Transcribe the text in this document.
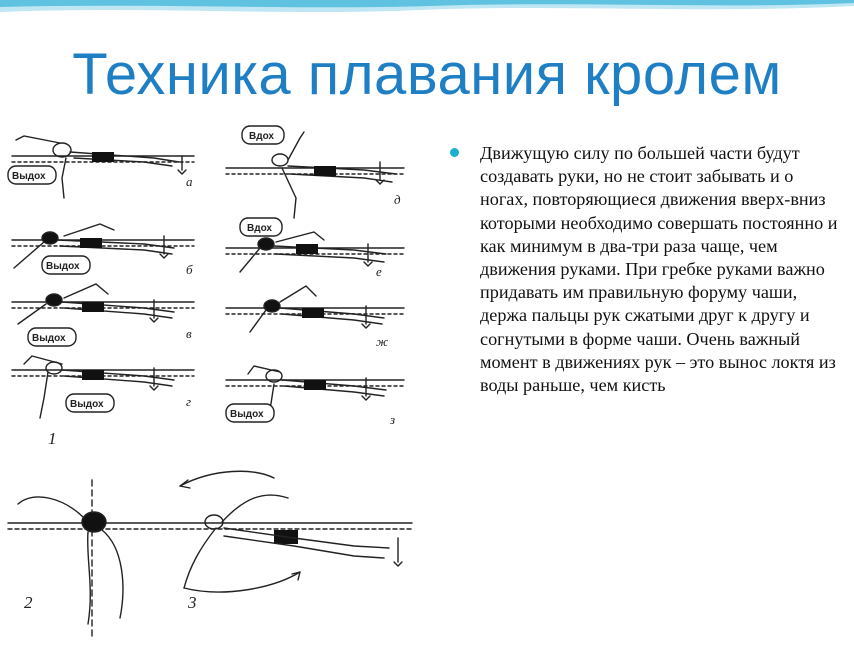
Техника плавания кролем
Выдох	а
Выдох	б
Выдох	в
Выдох	г
1
Вдох
д
Вдох
е
ж
Выдох	з
2	3

Движущую силу по большей части будут создавать руки, но не стоит забывать и о ногах, повторяющиеся движения вверх-вниз которыми необходимо совершать постоянно и как минимум в два-три раза чаще, чем движения руками. При гребке руками важно придавать им правильную форуму чаши, держа пальцы рук сжатыми друг к другу и согнутыми в форме чаши. Очень важный момент в движениях рук – это вынос локтя из воды раньше, чем кисть
